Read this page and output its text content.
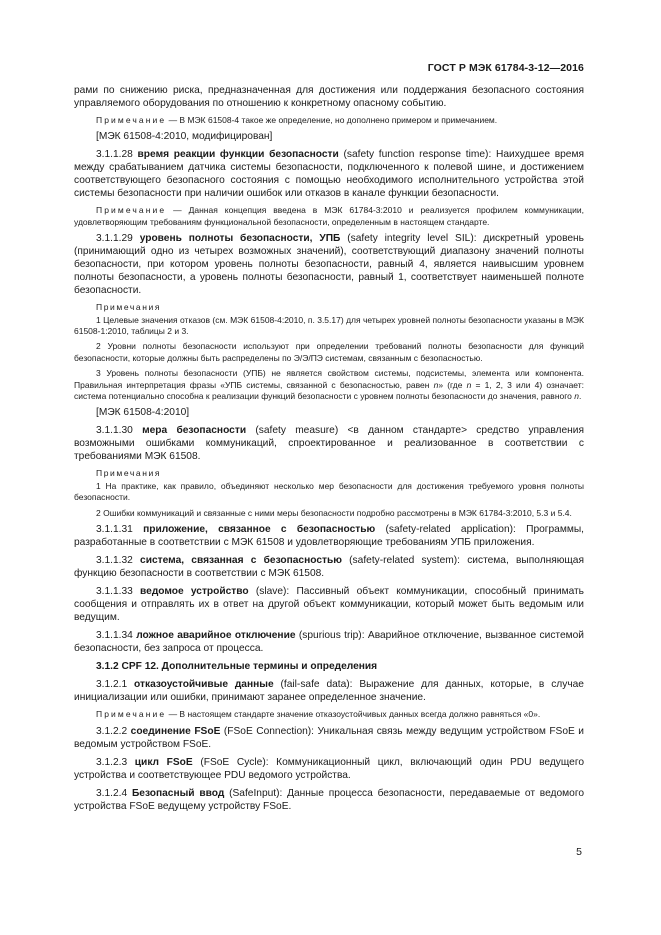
ГОСТ Р МЭК 61784-3-12—2016
рами по снижению риска, предназначенная для достижения или поддержания безопасного состояния управляемого оборудования по отношению к конкретному опасному событию.
Примечание — В МЭК 61508-4 такое же определение, но дополнено примером и примечанием.
[МЭК 61508-4:2010, модифицирован]
3.1.1.28 время реакции функции безопасности (safety function response time): Наихудшее время между срабатыванием датчика системы безопасности, подключенного к полевой шине, и достижением соответствующего безопасного состояния с помощью необходимого исполнительного устройства этой системы безопасности при наличии ошибок или отказов в канале функции безопасности.
Примечание — Данная концепция введена в МЭК 61784-3:2010 и реализуется профилем коммуникации, удовлетворяющим требованиям функциональной безопасности, определенным в настоящем стандарте.
3.1.1.29 уровень полноты безопасности, УПБ (safety integrity level SIL): дискретный уровень (принимающий одно из четырех возможных значений), соответствующий диапазону значений полноты безопасности, при котором уровень полноты безопасности, равный 4, является наивысшим уровнем полноты безопасности, а уровень полноты безопасности, равный 1, соответствует наименьшей полноте безопасности.
Примечания
1 Целевые значения отказов (см. МЭК 61508-4:2010, п. 3.5.17) для четырех уровней полноты безопасности указаны в МЭК 61508-1:2010, таблицы 2 и 3.
2 Уровни полноты безопасности используют при определении требований полноты безопасности для функций безопасности, которые должны быть распределены по Э/Э/ПЭ системам, связанным с безопасностью.
3 Уровень полноты безопасности (УПБ) не является свойством системы, подсистемы, элемента или компонента. Правильная интерпретация фразы «УПБ системы, связанной с безопасностью, равен n» (где n = 1, 2, 3 или 4) означает: система потенциально способна к реализации функций безопасности с уровнем полноты безопасности до значения, равного n.
[МЭК 61508-4:2010]
3.1.1.30 мера безопасности (safety measure) <в данном стандарте> средство управления возможными ошибками коммуникаций, спроектированное и реализованное в соответствии с требованиями МЭК 61508.
Примечания
1 На практике, как правило, объединяют несколько мер безопасности для достижения требуемого уровня полноты безопасности.
2 Ошибки коммуникаций и связанные с ними меры безопасности подробно рассмотрены в МЭК 61784-3:2010, 5.3 и 5.4.
3.1.1.31 приложение, связанное с безопасностью (safety-related application): Программы, разработанные в соответствии с МЭК 61508 и удовлетворяющие требованиям УПБ приложения.
3.1.1.32 система, связанная с безопасностью (safety-related system): система, выполняющая функцию безопасности в соответствии с МЭК 61508.
3.1.1.33 ведомое устройство (slave): Пассивный объект коммуникации, способный принимать сообщения и отправлять их в ответ на другой объект коммуникации, который может быть ведомым или ведущим.
3.1.1.34 ложное аварийное отключение (spurious trip): Аварийное отключение, вызванное системой безопасности, без запроса от процесса.
3.1.2 CPF 12. Дополнительные термины и определения
3.1.2.1 отказоустойчивые данные (fail-safe data): Выражение для данных, которые, в случае инициализации или ошибки, принимают заранее определенное значение.
Примечание — В настоящем стандарте значение отказоустойчивых данных всегда должно равняться «0».
3.1.2.2 соединение FSoE (FSoE Connection): Уникальная связь между ведущим устройством FSoE и ведомым устройством FSoE.
3.1.2.3 цикл FSoE (FSoE Cycle): Коммуникационный цикл, включающий один PDU ведущего устройства и соответствующее PDU ведомого устройства.
3.1.2.4 Безопасный ввод (SafeInput): Данные процесса безопасности, передаваемые от ведомого устройства FSoE ведущему устройству FSoE.
5
